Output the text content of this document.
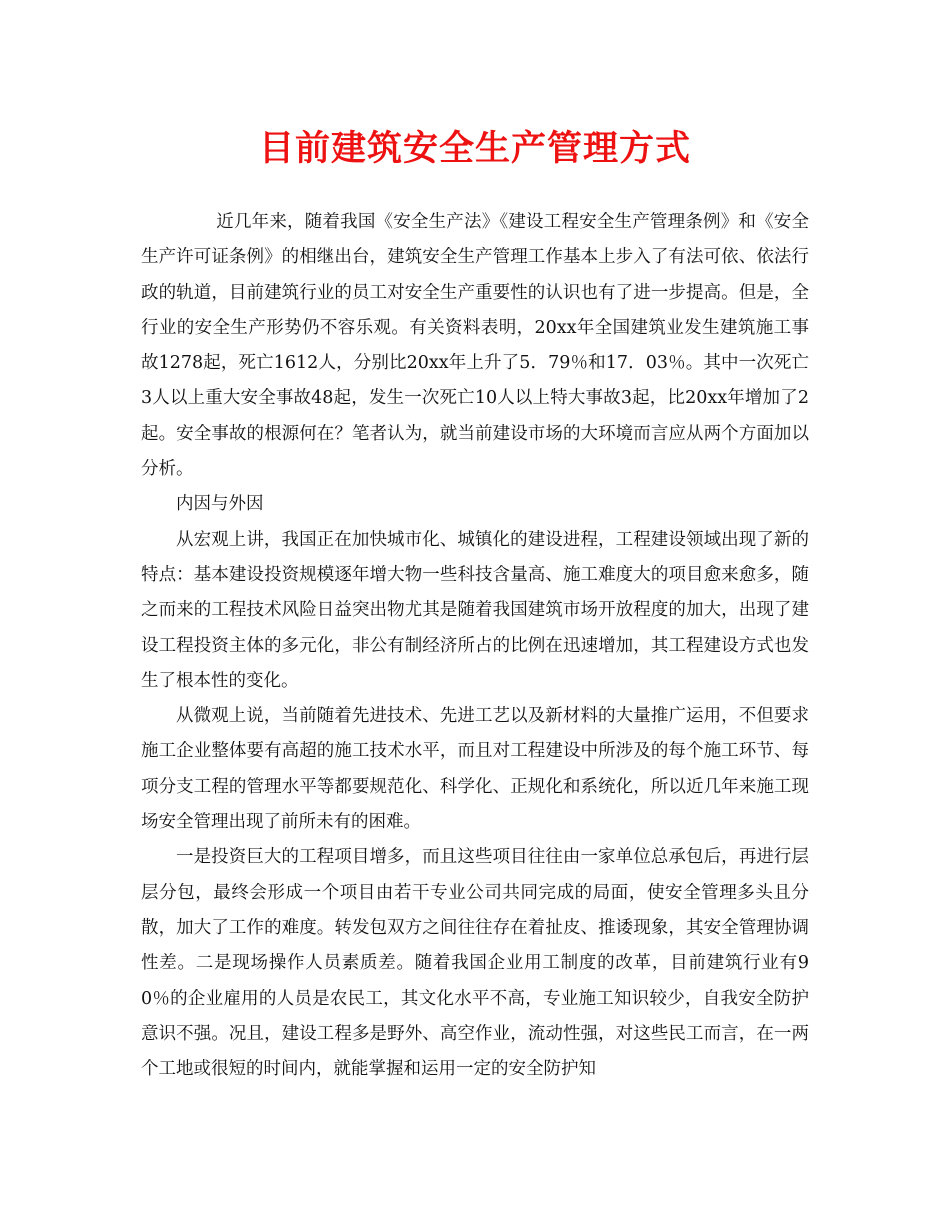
目前建筑安全生产管理方式

近几年来，随着我国《安全生产法》《建设工程安全生产管理条例》和《安全生产许可证条例》的相继出台，建筑安全生产管理工作基本上步入了有法可依、依法行政的轨道，目前建筑行业的员工对安全生产重要性的认识也有了进一步提高。但是，全行业的安全生产形势仍不容乐观。有关资料表明，20xx年全国建筑业发生建筑施工事故1278起，死亡1612人，分别比20xx年上升了5．79％和17．03％。其中一次死亡3人以上重大安全事故48起，发生一次死亡10人以上特大事故3起，比20xx年增加了2起。安全事故的根源何在？笔者认为，就当前建设市场的大环境而言应从两个方面加以分析。

内因与外因

从宏观上讲，我国正在加快城市化、城镇化的建设进程，工程建设领域出现了新的特点：基本建设投资规模逐年增大物一些科技含量高、施工难度大的项目愈来愈多，随之而来的工程技术风险日益突出物尤其是随着我国建筑市场开放程度的加大，出现了建设工程投资主体的多元化，非公有制经济所占的比例在迅速增加，其工程建设方式也发生了根本性的变化。

从微观上说，当前随着先进技术、先进工艺以及新材料的大量推广运用，不但要求施工企业整体要有高超的施工技术水平，而且对工程建设中所涉及的每个施工环节、每项分支工程的管理水平等都要规范化、科学化、正规化和系统化，所以近几年来施工现场安全管理出现了前所未有的困难。

一是投资巨大的工程项目增多，而且这些项目往往由一家单位总承包后，再进行层层分包，最终会形成一个项目由若干专业公司共同完成的局面，使安全管理多头且分散，加大了工作的难度。转发包双方之间往往存在着扯皮、推诿现象，其安全管理协调性差。二是现场操作人员素质差。随着我国企业用工制度的改革，目前建筑行业有90％的企业雇用的人员是农民工，其文化水平不高，专业施工知识较少，自我安全防护意识不强。况且，建设工程多是野外、高空作业，流动性强，对这些民工而言，在一两个工地或很短的时间内，就能掌握和运用一定的安全防护知
